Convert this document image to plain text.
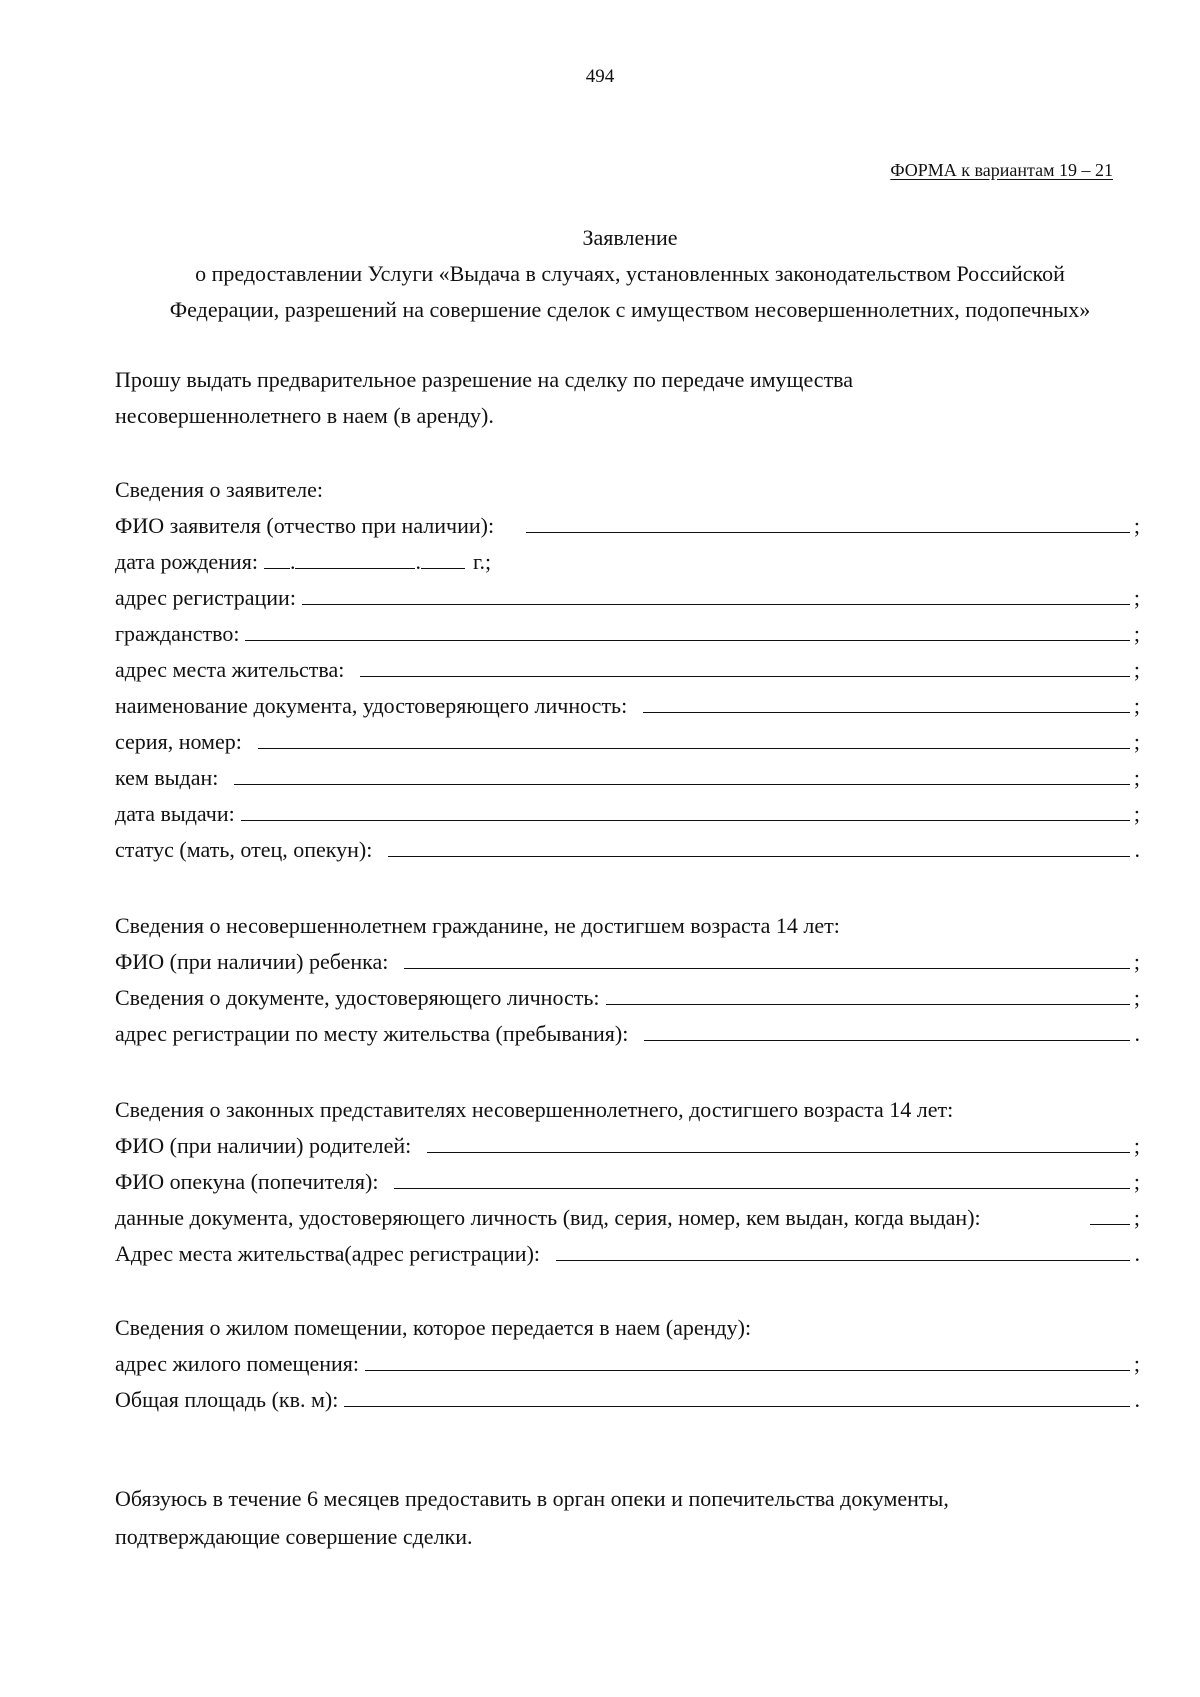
494
ФОРМА к вариантам 19 – 21
Заявление
о предоставлении Услуги «Выдача в случаях, установленных законодательством Российской
Федерации, разрешений на совершение сделок с имуществом несовершеннолетних, подопечных»
Прошу выдать предварительное разрешение на сделку по передаче имущества
несовершеннолетнего в наем (в аренду).
Сведения о заявителе:
ФИО заявителя (отчество при наличии):	;
дата рождения: .	. г.;
адрес регистрации:	;
гражданство:	;
адрес места жительства:	;
наименование документа, удостоверяющего личность:	;
серия, номер:	;
кем выдан:	;
дата выдачи:	;
статус (мать, отец, опекун):	.
Сведения о несовершеннолетнем гражданине, не достигшем возраста 14 лет:
ФИО (при наличии) ребенка:	;
Сведения о документе, удостоверяющего личность:	;
адрес регистрации по месту жительства (пребывания):	.
Сведения о законных представителях несовершеннолетнего, достигшего возраста 14 лет:
ФИО (при наличии) родителей:	;
ФИО опекуна (попечителя):	;
данные документа, удостоверяющего личность (вид, серия, номер, кем выдан, когда выдан):	;
Адрес места жительства(адрес регистрации):	.
Сведения о жилом помещении, которое передается в наем (аренду):
адрес жилого помещения:	;
Общая площадь (кв. м):	.
Обязуюсь в течение 6 месяцев предоставить в орган опеки и попечительства документы,
подтверждающие совершение сделки.
